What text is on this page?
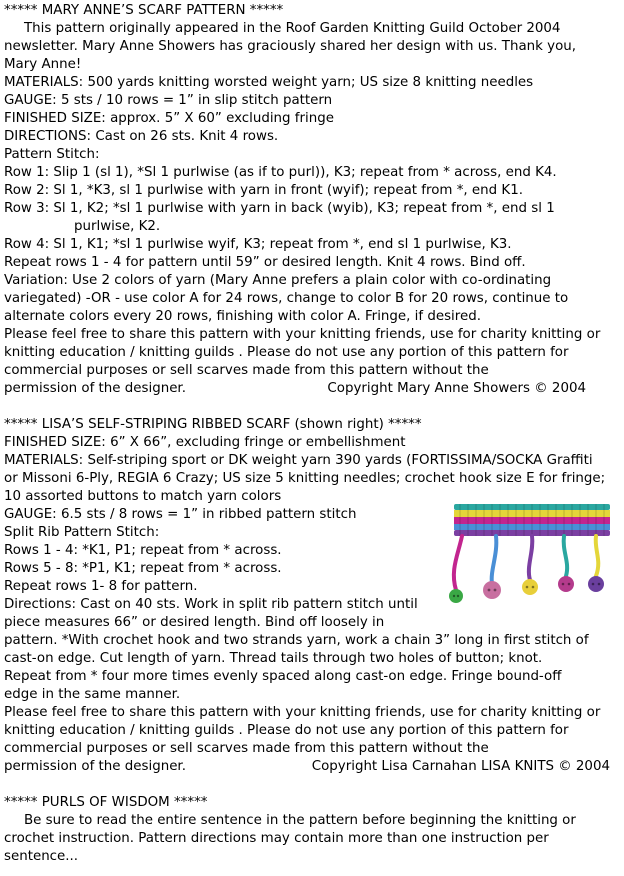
***** MARY ANNE’S SCARF PATTERN *****
This pattern originally appeared in the Roof Garden Knitting Guild October 2004
newsletter. Mary Anne Showers has graciously shared her design with us. Thank you,
Mary Anne!
MATERIALS: 500 yards knitting worsted weight yarn; US size 8 knitting needles
GAUGE: 5 sts / 10 rows = 1” in slip stitch pattern
FINISHED SIZE: approx. 5” X 60” excluding fringe
DIRECTIONS: Cast on 26 sts. Knit 4 rows.
Pattern Stitch:
Row 1: Slip 1 (sl 1), *Sl 1 purlwise (as if to purl)), K3; repeat from * across, end K4.
Row 2: Sl 1, *K3, sl 1 purlwise with yarn in front (wyif); repeat from *, end K1.
Row 3: Sl 1, K2; *sl 1 purlwise with yarn in back (wyib), K3; repeat from *, end sl 1
purlwise, K2.
Row 4: Sl 1, K1; *sl 1 purlwise wyif, K3; repeat from *, end sl 1 purlwise, K3.
Repeat rows 1 - 4 for pattern until 59” or desired length. Knit 4 rows. Bind off.
Variation: Use 2 colors of yarn (Mary Anne prefers a plain color with co-ordinating
variegated) -OR - use color A for 24 rows, change to color B for 20 rows, continue to
alternate colors every 20 rows, finishing with color A. Fringe, if desired.
Please feel free to share this pattern with your knitting friends, use for charity knitting or
knitting education / knitting guilds . Please do not use any portion of this pattern for
commercial purposes or sell scarves made from this pattern without the
permission of the designer.	Copyright Mary Anne Showers © 2004
***** LISA’S SELF-STRIPING RIBBED SCARF (shown right) *****
FINISHED SIZE: 6” X 66”, excluding fringe or embellishment
MATERIALS: Self-striping sport or DK weight yarn 390 yards (FORTISSIMA/SOCKA Graffiti
or Missoni 6-Ply, REGIA 6 Crazy; US size 5 knitting needles; crochet hook size E for fringe;
10 assorted buttons to match yarn colors
GAUGE: 6.5 sts / 8 rows = 1” in ribbed pattern stitch
Split Rib Pattern Stitch:
Rows 1 - 4: *K1, P1; repeat from * across.
Rows 5 - 8: *P1, K1; repeat from * across.
Repeat rows 1- 8 for pattern.
Directions: Cast on 40 sts. Work in split rib pattern stitch until
piece measures 66” or desired length. Bind off loosely in
pattern. *With crochet hook and two strands yarn, work a chain 3” long in first stitch of
cast-on edge. Cut length of yarn. Thread tails through two holes of button; knot.
Repeat from * four more times evenly spaced along cast-on edge. Fringe bound-off
edge in the same manner.
Please feel free to share this pattern with your knitting friends, use for charity knitting or
knitting education / knitting guilds . Please do not use any portion of this pattern for
commercial purposes or sell scarves made from this pattern without the
permission of the designer.	Copyright Lisa Carnahan LISA KNITS © 2004
***** PURLS OF WISDOM *****
Be sure to read the entire sentence in the pattern before beginning the knitting or
crochet instruction. Pattern directions may contain more than one instruction per
sentence...
